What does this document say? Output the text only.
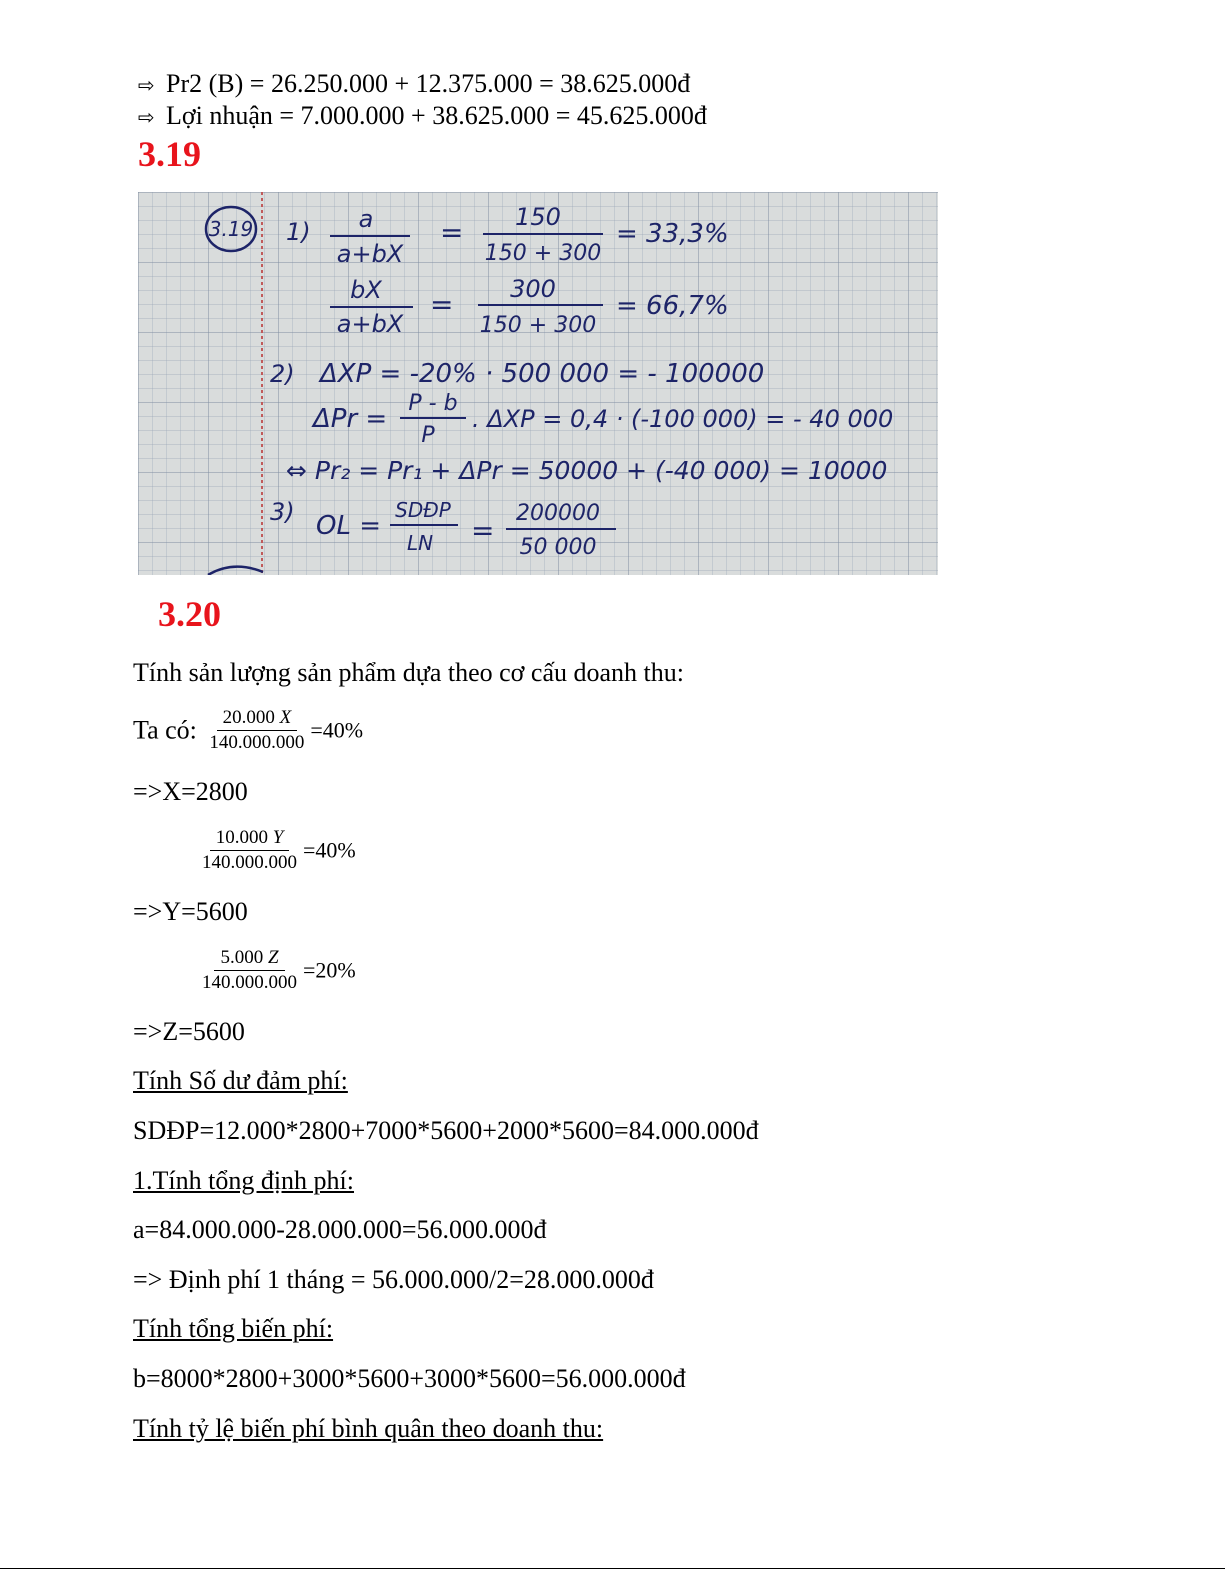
⇨ Pr2 (B) = 26.250.000 + 12.375.000 = 38.625.000đ
⇨ Lợi nhuận = 7.000.000 + 38.625.000 = 45.625.000đ
3.19
3.19 1) a
a+bX
= 150
150 + 300
= 33,3%
bX
a+bX
= 300
150 + 300
= 66,7%
2) ΔXP = -20% · 500 000 = - 100000
ΔPr =
P - b
P
. ΔXP = 0,4 · (-100 000) = - 40 000
⇔ Pr₂ = Pr₁ + ΔPr = 50000 + (-40 000) = 10000
3) OL =
SDĐP
LN =
200000
50 000
3.20
Tính sản lượng sản phẩm dựa theo cơ cấu doanh thu:
Ta có: $\frac{20.000 X}{140.000.000} =40\%$
=>X=2800
$\frac{10.000 Y}{140.000.000} =40\%$
=>Y=5600
$\frac{5.000 Z}{140.000.000} =20\%$
=>Z=5600
Tính Số dư đảm phí:
SDĐP=12.000*2800+7000*5600+2000*5600=84.000.000đ
1.Tính tổng định phí:
a=84.000.000-28.000.000=56.000.000đ
=> Định phí 1 tháng = 56.000.000/2=28.000.000đ
Tính tổng biến phí:
b=8000*2800+3000*5600+3000*5600=56.000.000đ
Tính tỷ lệ biến phí bình quân theo doanh thu:
